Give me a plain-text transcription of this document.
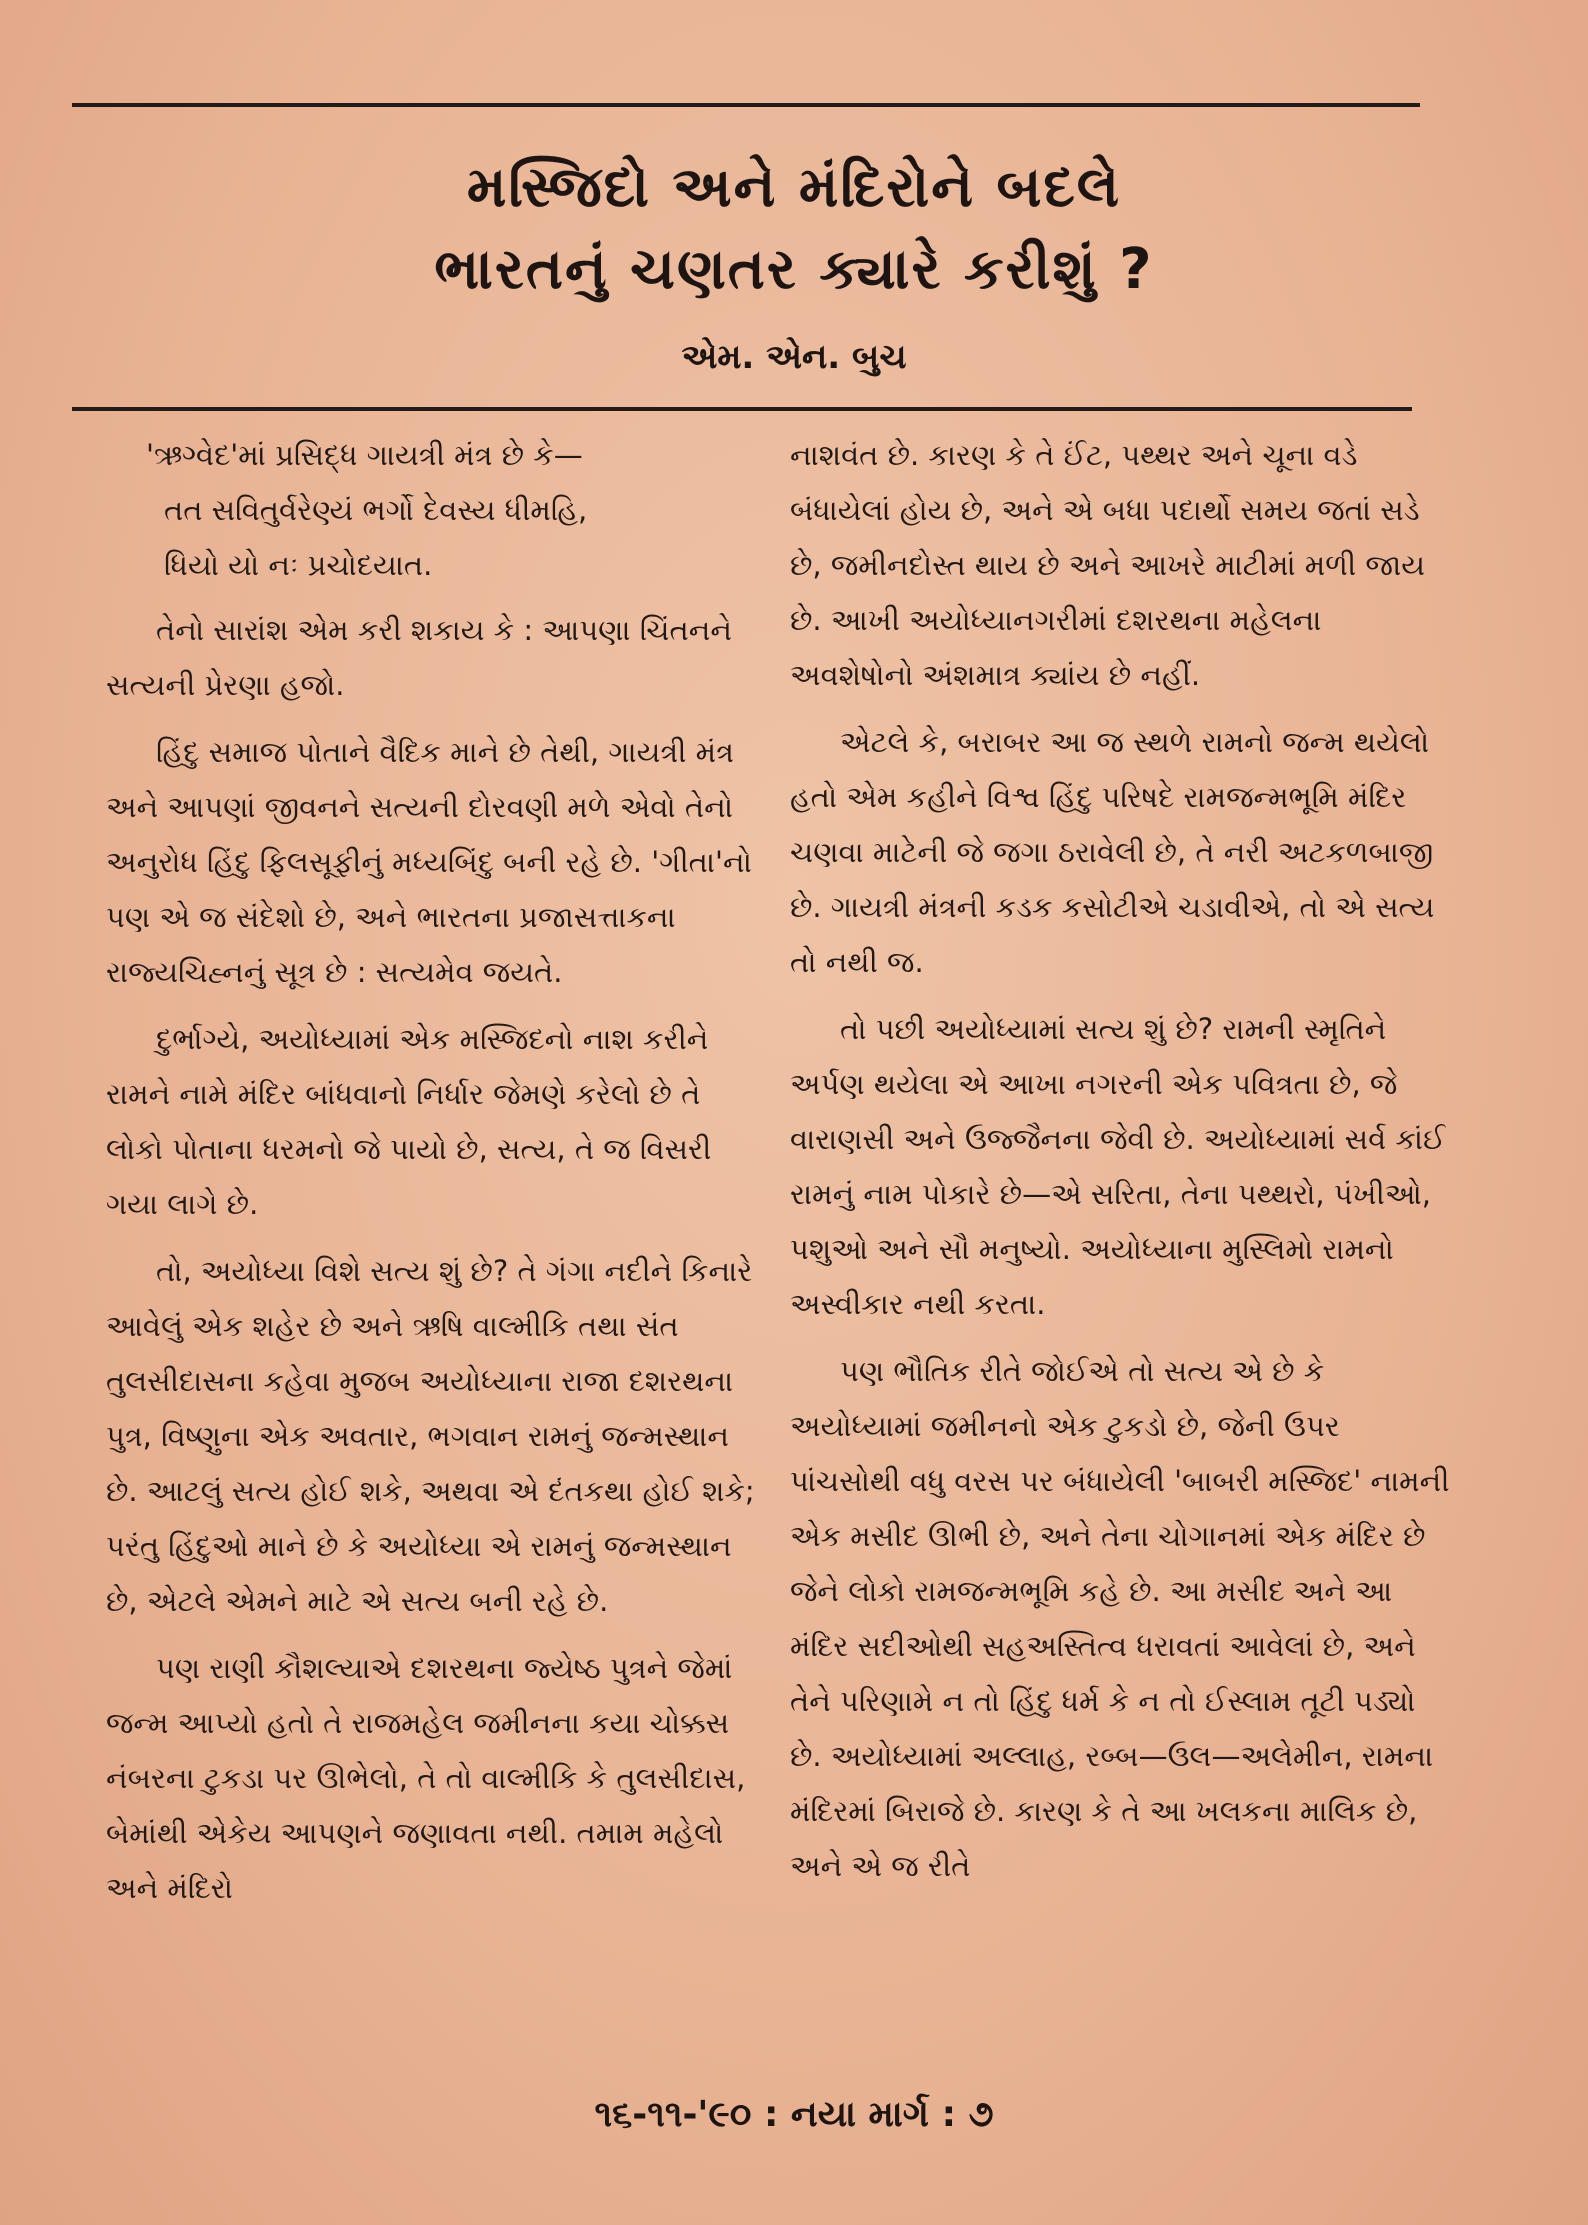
મસ્જિદો અને મંદિરોને બદલે
ભારતનું ચણતર ક્યારે કરીશું ?
એમ. એન. બુચ

'ઋગ્વેદ'માં પ્રસિદ્ધ ગાયત્રી મંત્ર છે કે—

તત સવિતુર્વરેણ્યં ભર્ગો દેવસ્ય ધીમહિ,

ધિયો યો નઃ પ્રચોદયાત.

તેનો સારાંશ એમ કરી શકાય કે : આપણા ચિંતનને સત્યની પ્રેરણા હજો.

હિંદુ સમાજ પોતાને વૈદિક માને છે તેથી, ગાયત્રી મંત્ર અને આપણાં જીવનને સત્યની દોરવણી મળે એવો તેનો અનુરોધ હિંદુ ફિલસૂફીનું મધ્યબિંદુ બની રહે છે. 'ગીતા'નો પણ એ જ સંદેશો છે, અને ભારતના પ્રજાસત્તાકના રાજ્યચિહ્નનું સૂત્ર છે : સત્યમેવ જયતે.

દુર્ભાગ્યે, અયોધ્યામાં એક મસ્જિદનો નાશ કરીને રામને નામે મંદિર બાંધવાનો નિર્ધાર જેમણે કરેલો છે તે લોકો પોતાના ધરમનો જે પાયો છે, સત્ય, તે જ વિસરી ગયા લાગે છે.

તો, અયોધ્યા વિશે સત્ય શું છે? તે ગંગા નદીને કિનારે આવેલું એક શહેર છે અને ઋષિ વાલ્મીકિ તથા સંત તુલસીદાસના કહેવા મુજબ અયોધ્યાના રાજા દશરથના પુત્ર, વિષ્ણુના એક અવતાર, ભગવાન રામનું જન્મસ્થાન છે. આટલું સત્ય હોઈ શકે, અથવા એ દંતકથા હોઈ શકે; પરંતુ હિંદુઓ માને છે કે અયોધ્યા એ રામનું જન્મસ્થાન છે, એટલે એમને માટે એ સત્ય બની રહે છે.

પણ રાણી કૌશલ્યાએ દશરથના જ્યેષ્ઠ પુત્રને જેમાં જન્મ આપ્યો હતો તે રાજમહેલ જમીનના કયા ચોક્કસ નંબરના ટુકડા પર ઊભેલો, તે તો વાલ્મીકિ કે તુલસીદાસ, બેમાંથી એકેય આપણને જણાવતા નથી. તમામ મહેલો અને મંદિરો

નાશવંત છે. કારણ કે તે ઈંટ, પથ્થર અને ચૂના વડે બંધાયેલાં હોય છે, અને એ બધા પદાર્થો સમય જતાં સડે છે, જમીનદોસ્ત થાય છે અને આખરે માટીમાં મળી જાય છે. આખી અયોધ્યાનગરીમાં દશરથના મહેલના અવશેષોનો અંશમાત્ર ક્યાંય છે નહીં.

એટલે કે, બરાબર આ જ સ્થળે રામનો જન્મ થયેલો હતો એમ કહીને વિશ્વ હિંદુ પરિષદે રામજન્મભૂમિ મંદિર ચણવા માટેની જે જગા ઠરાવેલી છે, તે નરી અટકળબાજી છે. ગાયત્રી મંત્રની કડક કસોટીએ ચડાવીએ, તો એ સત્ય તો નથી જ.

તો પછી અયોધ્યામાં સત્ય શું છે? રામની સ્મૃતિને અર્પણ થયેલા એ આખા નગરની એક પવિત્રતા છે, જે વારાણસી અને ઉજ્જૈનના જેવી છે. અયોધ્યામાં સર્વ કાંઈ રામનું નામ પોકારે છે—એ સરિતા, તેના પથ્થરો, પંખીઓ, પશુઓ અને સૌ મનુષ્યો. અયોધ્યાના મુસ્લિમો રામનો અસ્વીકાર નથી કરતા.

પણ ભૌતિક રીતે જોઈએ તો સત્ય એ છે કે અયોધ્યામાં જમીનનો એક ટુકડો છે, જેની ઉપર પાંચસોથી વધુ વરસ પર બંધાયેલી 'બાબરી મસ્જિદ' નામની એક મસીદ ઊભી છે, અને તેના ચોગાનમાં એક મંદિર છે જેને લોકો રામજન્મભૂમિ કહે છે. આ મસીદ અને આ મંદિર સદીઓથી સહઅસ્તિત્વ ધરાવતાં આવેલાં છે, અને તેને પરિણામે ન તો હિંદુ ધર્મ કે ન તો ઈસ્લામ તૂટી પડ્યો છે. અયોધ્યામાં અલ્લાહ, રબ્બ—ઉલ—અલેમીન, રામના મંદિરમાં બિરાજે છે. કારણ કે તે આ ખલકના માલિક છે, અને એ જ રીતે

૧૬-૧૧-'૯૦ : નયા માર્ગ : ૭
